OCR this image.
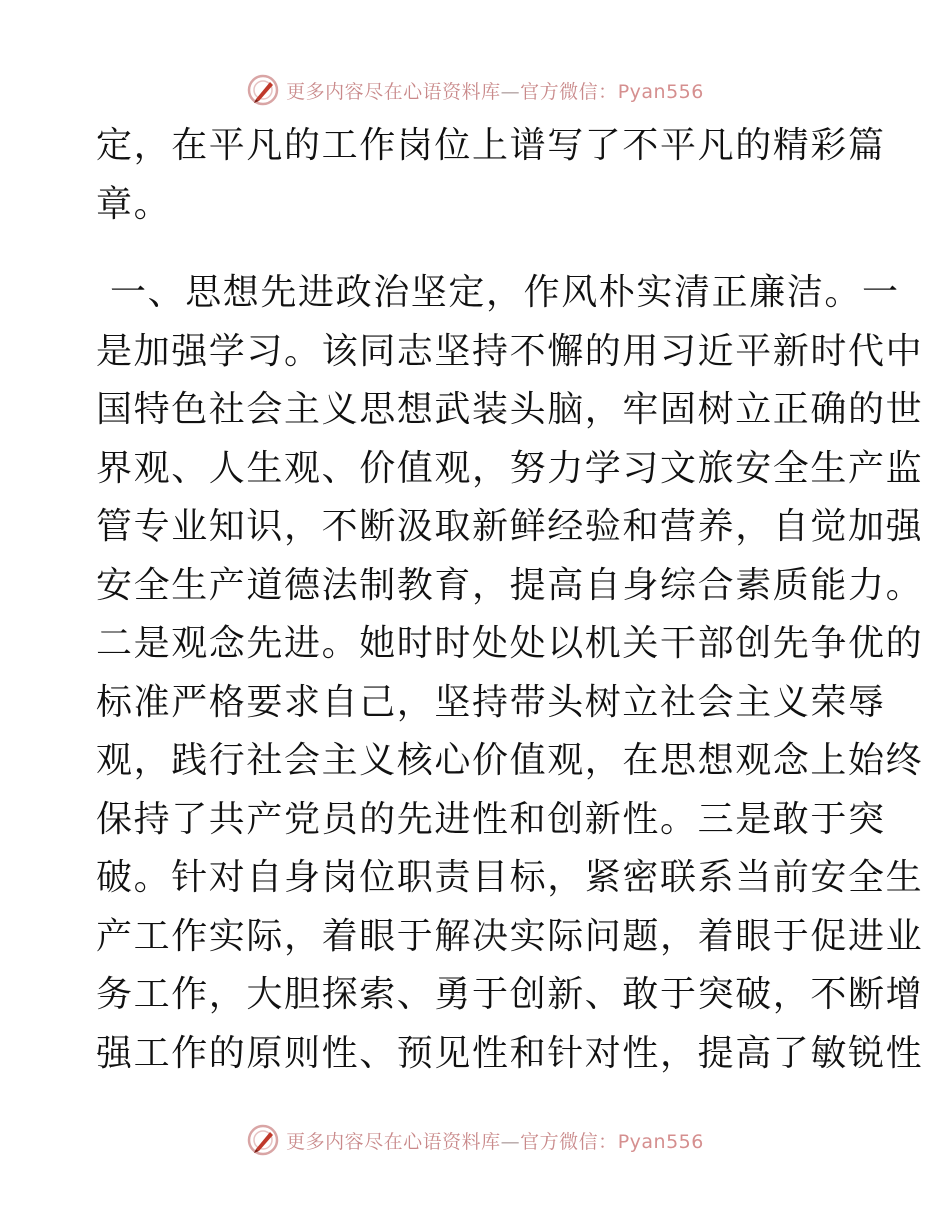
更多内容尽在心语资料库—官方微信：Pyan556
定，在平凡的工作岗位上谱写了不平凡的精彩篇
章。
一、思想先进政治坚定，作风朴实清正廉洁。一
是加强学习。该同志坚持不懈的用习近平新时代中
国特色社会主义思想武装头脑，牢固树立正确的世
界观、人生观、价值观，努力学习文旅安全生产监
管专业知识，不断汲取新鲜经验和营养，自觉加强
安全生产道德法制教育，提高自身综合素质能力。
二是观念先进。她时时处处以机关干部创先争优的
标准严格要求自己，坚持带头树立社会主义荣辱
观，践行社会主义核心价值观，在思想观念上始终
保持了共产党员的先进性和创新性。三是敢于突
破。针对自身岗位职责目标，紧密联系当前安全生
产工作实际，着眼于解决实际问题，着眼于促进业
务工作，大胆探索、勇于创新、敢于突破，不断增
强工作的原则性、预见性和针对性，提高了敏锐性
更多内容尽在心语资料库—官方微信：Pyan556
